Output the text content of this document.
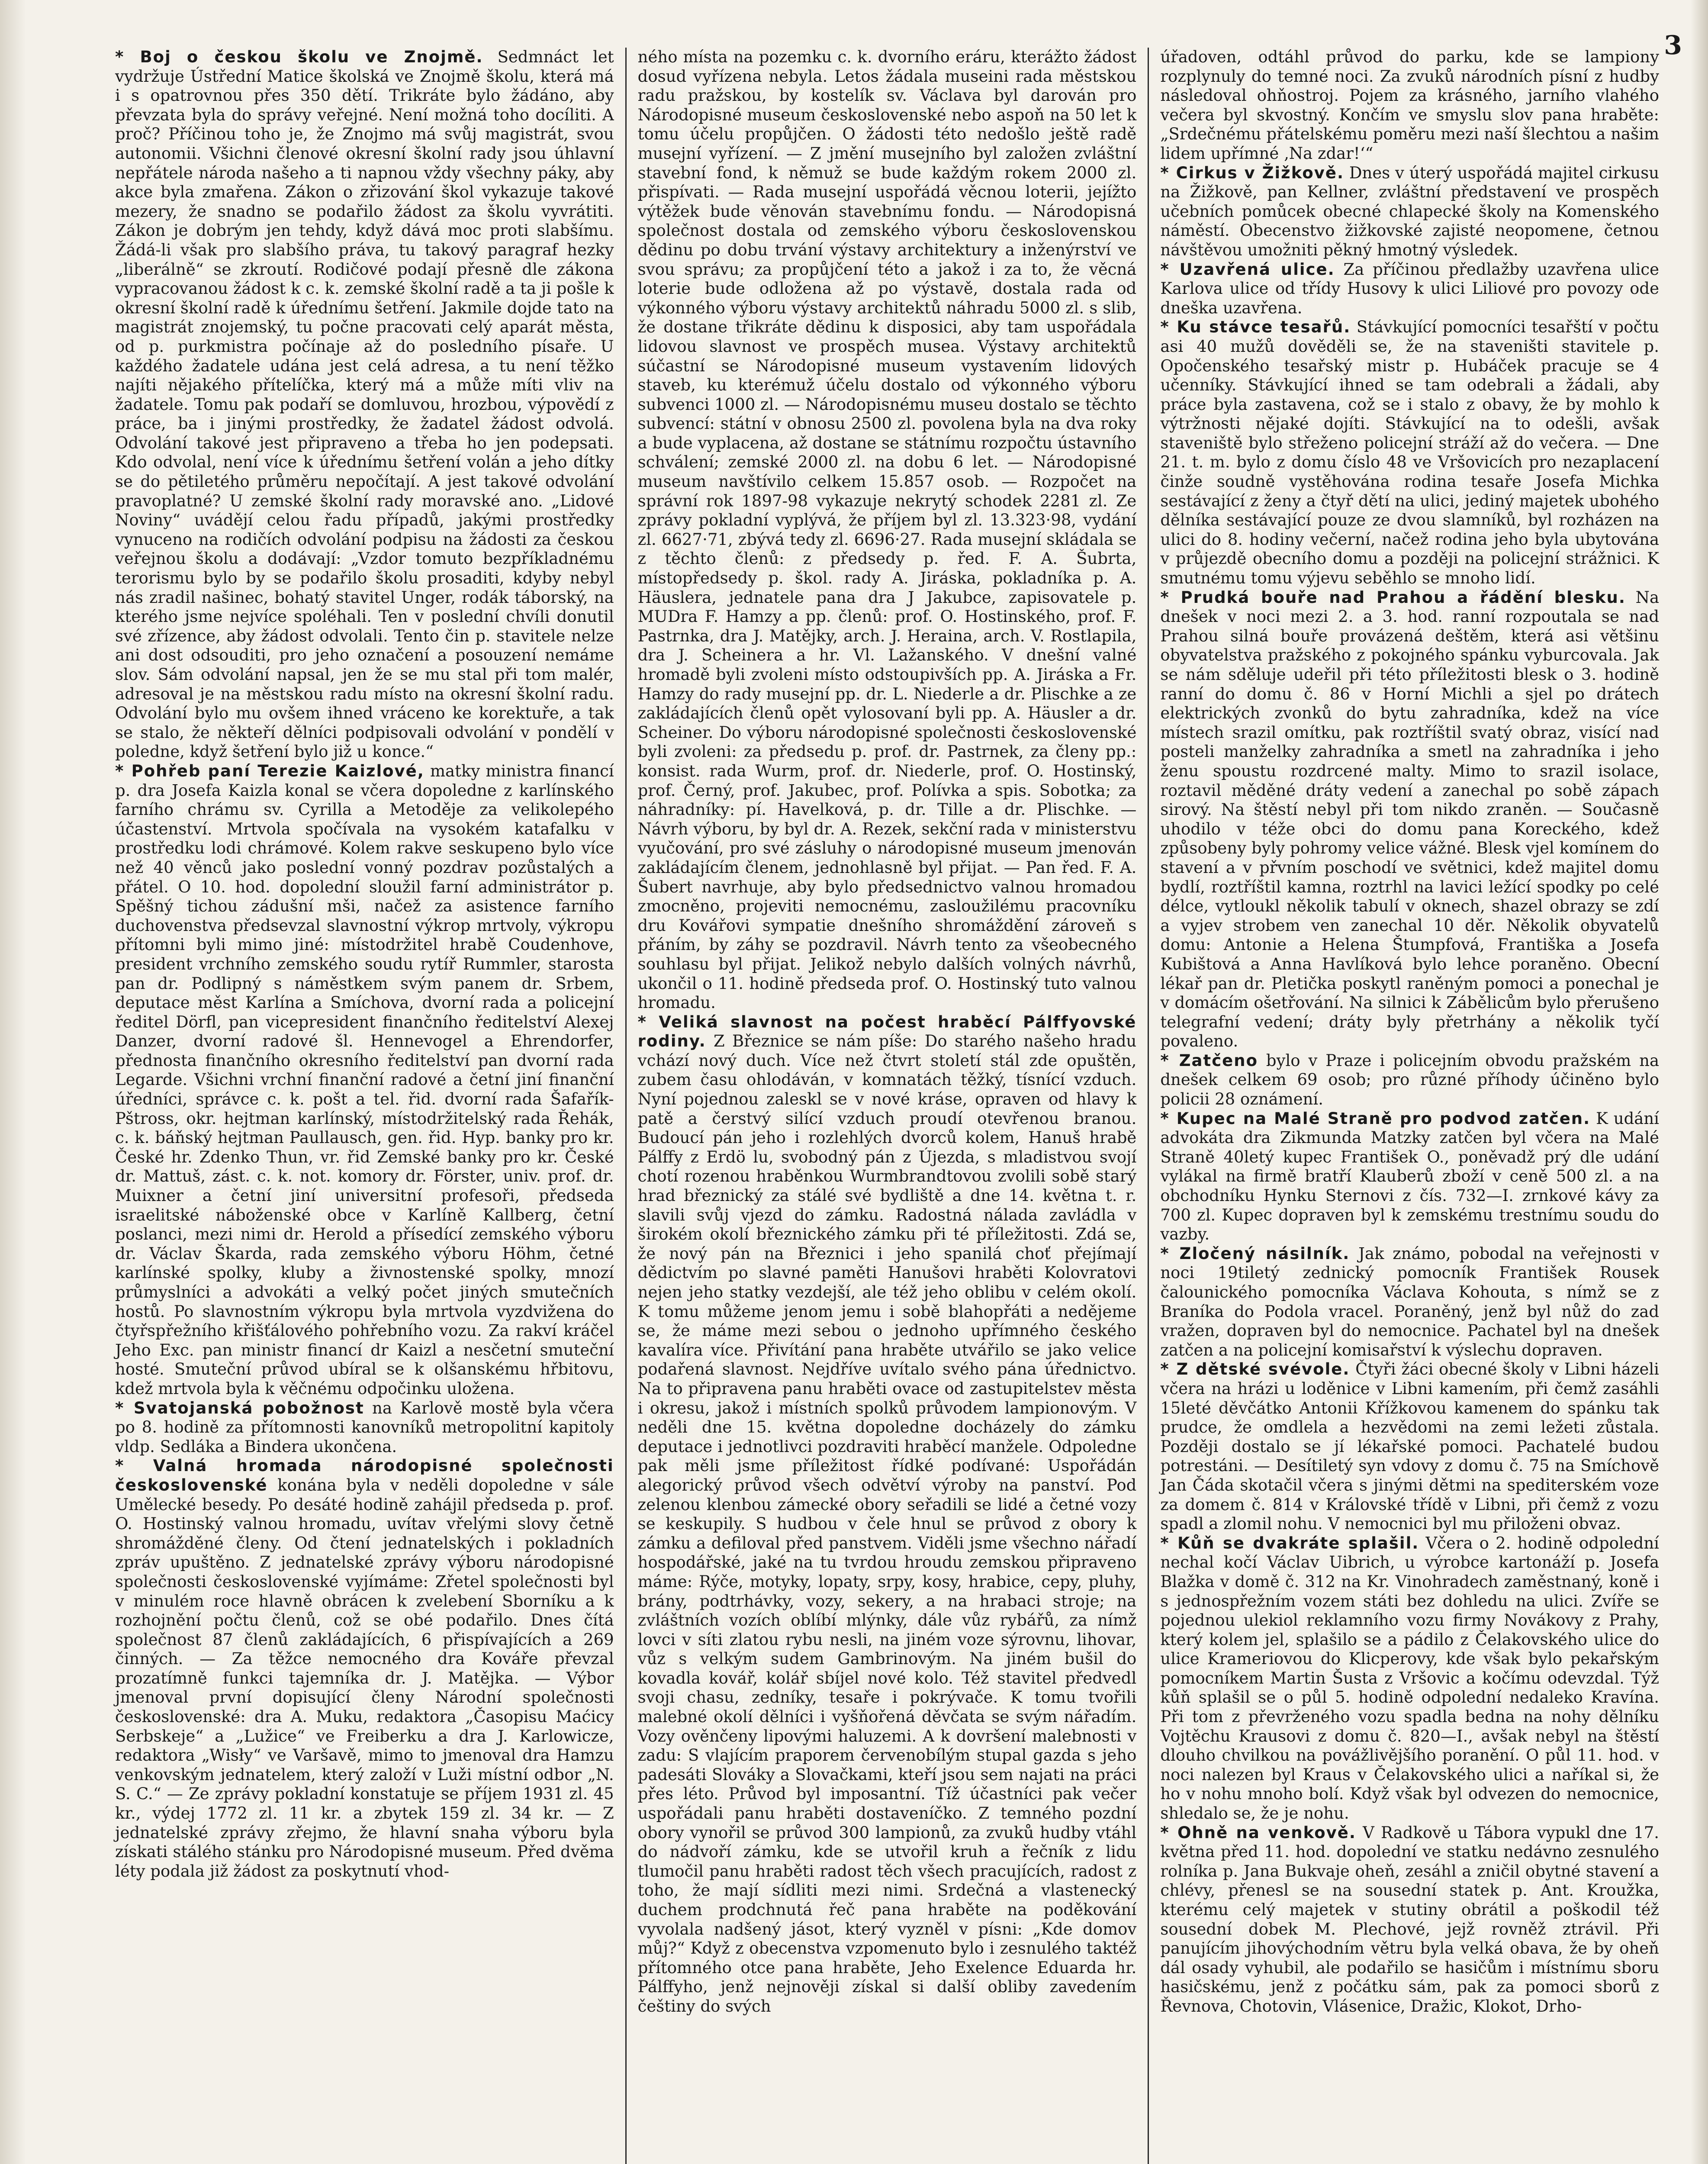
3

* Boj o českou školu ve Znojmě. Sedmnáct let vydržuje Ústřední Matice školská ve Znojmě školu, která má i s opatrovnou přes 350 dětí. Trikráte bylo žádáno, aby převzata byla do správy veřejné. Není možná toho docíliti. A proč? Příčinou toho je, že Znojmo má svůj magistrát, svou autonomii. Všichni členové okresní školní rady jsou úhlavní nepřátele národa našeho a ti napnou vždy všechny páky, aby akce byla zmařena. Zákon o zřizování škol vykazuje takové mezery, že snadno se podařilo žádost za školu vyvrátiti. Zákon je dobrým jen tehdy, když dává moc proti slabšímu. Žádá-li však pro slabšího práva, tu takový paragraf hezky „liberálně“ se zkroutí. Rodičové podají přesně dle zákona vypracovanou žádost k c. k. zemské školní radě a ta ji pošle k okresní školní radě k úřednímu šetření. Jakmile dojde tato na magistrát znojemský, tu počne pracovati celý aparát města, od p. purkmistra počínaje až do posledního písaře. U každého žadatele udána jest celá adresa, a tu není těžko najíti nějakého přítelíčka, který má a může míti vliv na žadatele. Tomu pak podaří se domluvou, hrozbou, výpovědí z práce, ba i jinými prostředky, že žadatel žádost odvolá. Odvolání takové jest připraveno a třeba ho jen podepsati. Kdo odvolal, není více k úřednímu šetření volán a jeho dítky se do pětiletého průměru nepočítají. A jest takové odvolání pravoplatné? U zemské školní rady moravské ano. „Lidové Noviny“ uvádějí celou řadu případů, jakými prostředky vynuceno na rodičích odvolání podpisu na žádosti za českou veřejnou školu a dodávají: „Vzdor tomuto bezpříkladnému terorismu bylo by se podařilo školu prosaditi, kdyby nebyl nás zradil našinec, bohatý stavitel Unger, rodák táborský, na kterého jsme nejvíce spoléhali. Ten v poslední chvíli donutil své zřízence, aby žádost odvolali. Tento čin p. stavitele nelze ani dost odsouditi, pro jeho označení a posouzení nemáme slov. Sám odvolání napsal, jen že se mu stal při tom malér, adresoval je na městskou radu místo na okresní školní radu. Odvolání bylo mu ovšem ihned vráceno ke korektuře, a tak se stalo, že někteří dělníci podpisovali odvolání v pondělí v poledne, když šetření bylo již u konce.“

* Pohřeb paní Terezie Kaizlové, matky ministra financí p. dra Josefa Kaizla konal se včera dopoledne z karlínského farního chrámu sv. Cyrilla a Metoděje za velikolepého účastenství. Mrtvola spočívala na vysokém katafalku v prostředku lodi chrámové. Kolem rakve seskupeno bylo více než 40 věnců jako poslední vonný pozdrav pozůstalých a přátel. O 10. hod. dopolední sloužil farní administrátor p. Spěšný tichou zádušní mši, načež za asistence farního duchovenstva předsevzal slavnostní výkrop mrtvoly, výkropu přítomni byli mimo jiné: místodržitel hrabě Coudenhove, president vrchního zemského soudu rytíř Rummler, starosta pan dr. Podlipný s náměstkem svým panem dr. Srbem, deputace měst Karlína a Smíchova, dvorní rada a policejní ředitel Dörfl, pan vicepresident finančního ředitelství Alexej Danzer, dvorní radové šl. Hennevogel a Ehrendorfer, přednosta finančního okresního ředitelství pan dvorní rada Legarde. Všichni vrchní finanční radové a četní jiní finanční úředníci, správce c. k. pošt a tel. řid. dvorní rada Šafařík-Pštross, okr. hejtman karlínský, místodržitelský rada Řehák, c. k. báňský hejtman Paullausch, gen. řid. Hyp. banky pro kr. České hr. Zdenko Thun, vr. řid Zemské banky pro kr. České dr. Mattuš, zást. c. k. not. komory dr. Förster, univ. prof. dr. Muixner a četní jiní universitní profesoři, předseda israelitské náboženské obce v Karlíně Kallberg, četní poslanci, mezi nimi dr. Herold a přísedící zemského výboru dr. Václav Škarda, rada zemského výboru Höhm, četné karlínské spolky, kluby a živnostenské spolky, mnozí průmyslníci a advokáti a velký počet jiných smutečních hostů. Po slavnostním výkropu byla mrtvola vyzdvižena do čtyřspřežního křišťálového pohřebního vozu. Za rakví kráčel Jeho Exc. pan ministr financí dr Kaizl a nesčetní smuteční hosté. Smuteční průvod ubíral se k olšanskému hřbitovu, kdež mrtvola byla k věčnému odpočinku uložena.

* Svatojanská pobožnost na Karlově mostě byla včera po 8. hodině za přítomnosti kanovníků metropolitní kapitoly vldp. Sedláka a Bindera ukončena.

* Valná hromada národopisné společnosti československé konána byla v neděli dopoledne v sále Umělecké besedy. Po desáté hodině zahájil předseda p. prof. O. Hostinský valnou hromadu, uvítav vřelými slovy četně shromážděné členy. Od čtení jednatelských i pokladních zpráv upuštěno. Z jednatelské zprávy výboru národopisné společnosti československé vyjímáme: Zřetel společnosti byl v minulém roce hlavně obrácen k zvelebení Sborníku a k rozhojnění počtu členů, což se obé podařilo. Dnes čítá společnost 87 členů zakládajících, 6 přispívajících a 269 činných. — Za těžce nemocného dra Kováře převzal prozatímně funkci tajemníka dr. J. Matějka. — Výbor jmenoval první dopisující členy Národní společnosti československé: dra A. Muku, redaktora „Časopisu Maćicy Serbskeje“ a „Lužice“ ve Freiberku a dra J. Karlowicze, redaktora „Wisły“ ve Varšavě, mimo to jmenoval dra Hamzu venkovským jednatelem, který založí v Luži místní odbor „N. S. C.“ — Ze zprávy pokladní konstatuje se příjem 1931 zl. 45 kr., výdej 1772 zl. 11 kr. a zbytek 159 zl. 34 kr. — Z jednatelské zprávy zřejmo, že hlavní snaha výboru byla získati stálého stánku pro Národopisné museum. Před dvěma léty podala již žádost za poskytnutí vhod-

ného místa na pozemku c. k. dvorního eráru, kterážto žádost dosud vyřízena nebyla. Letos žádala museini rada městskou radu pražskou, by kostelík sv. Václava byl darován pro Národopisné museum československé nebo aspoň na 50 let k tomu účelu propůjčen. O žádosti této nedošlo ještě radě musejní vyřízení. — Z jmění musejního byl založen zvláštní stavební fond, k němuž se bude každým rokem 2000 zl. přispívati. — Rada musejní uspořádá věcnou loterii, jejížto výtěžek bude věnován stavebnímu fondu. — Národopisná společnost dostala od zemského výboru československou dědinu po dobu trvání výstavy architektury a inženýrství ve svou správu; za propůjčení této a jakož i za to, že věcná loterie bude odložena až po výstavě, dostala rada od výkonného výboru výstavy architektů náhradu 5000 zl. s slib, že dostane třikráte dědinu k disposici, aby tam uspořádala lidovou slavnost ve prospěch musea. Výstavy architektů súčastní se Národopisné museum vystavením lidových staveb, ku kterémuž účelu dostalo od výkonného výboru subvenci 1000 zl. — Národopisnému museu dostalo se těchto subvencí: státní v obnosu 2500 zl. povolena byla na dva roky a bude vyplacena, až dostane se státnímu rozpočtu ústavního schválení; zemské 2000 zl. na dobu 6 let. — Národopisné museum navštívilo celkem 15.857 osob. — Rozpočet na správní rok 1897-98 vykazuje nekrytý schodek 2281 zl. Ze zprávy pokladní vyplývá, že příjem byl zl. 13.323·98, vydání zl. 6627·71, zbývá tedy zl. 6696·27. Rada musejní skládala se z těchto členů: z předsedy p. řed. F. A. Šubrta, místopředsedy p. škol. rady A. Jiráska, pokladníka p. A. Häuslera, jednatele pana dra J Jakubce, zapisovatele p. MUDra F. Hamzy a pp. členů: prof. O. Hostinského, prof. F. Pastrnka, dra J. Matějky, arch. J. Heraina, arch. V. Rostlapila, dra J. Scheinera a hr. Vl. Lažanského. V dnešní valné hromadě byli zvoleni místo odstoupivších pp. A. Jiráska a Fr. Hamzy do rady musejní pp. dr. L. Niederle a dr. Plischke a ze zakládajících členů opět vylosovaní byli pp. A. Häusler a dr. Scheiner. Do výboru národopisné společnosti československé byli zvoleni: za předsedu p. prof. dr. Pastrnek, za členy pp.: konsist. rada Wurm, prof. dr. Niederle, prof. O. Hostinský, prof. Černý, prof. Jakubec, prof. Polívka a spis. Sobotka; za náhradníky: pí. Havelková, p. dr. Tille a dr. Plischke. — Návrh výboru, by byl dr. A. Rezek, sekční rada v ministerstvu vyučování, pro své zásluhy o národopisné museum jmenován zakládajícím členem, jednohlasně byl přijat. — Pan řed. F. A. Šubert navrhuje, aby bylo předsednictvo valnou hromadou zmocněno, projeviti nemocnému, zasloužilému pracovníku dru Kovářovi sympatie dnešního shromáždění zároveň s přáním, by záhy se pozdravil. Návrh tento za všeobecného souhlasu byl přijat. Jelikož nebylo dalších volných návrhů, ukončil o 11. hodině předseda prof. O. Hostinský tuto valnou hromadu.

* Veliká slavnost na počest hraběcí Pálffyovské rodiny. Z Březnice se nám píše: Do starého našeho hradu vchází nový duch. Více než čtvrt století stál zde opuštěn, zubem času ohlodáván, v komnatách těžký, tísnící vzduch. Nyní pojednou zaleskl se v nové kráse, opraven od hlavy k patě a čerstvý silící vzduch proudí otevřenou branou. Budoucí pán jeho i rozlehlých dvorců kolem, Hanuš hrabě Pálffy z Erdö lu, svobodný pán z Újezda, s mladistvou svojí chotí rozenou hraběnkou Wurmbrandtovou zvolili sobě starý hrad březnický za stálé své bydliště a dne 14. května t. r. slavili svůj vjezd do zámku. Radostná nálada zavládla v širokém okolí březnického zámku při té příležitosti. Zdá se, že nový pán na Březnici i jeho spanilá choť přejímají dědictvím po slavné paměti Hanušovi hraběti Kolovratovi nejen jeho statky vezdejší, ale též jeho oblibu v celém okolí. K tomu můžeme jenom jemu i sobě blahopřáti a nedějeme se, že máme mezi sebou o jednoho upřímného českého kavalíra více. Přivítání pana hraběte utvářilo se jako velice podařená slavnost. Nejdříve uvítalo svého pána úřednictvo. Na to připravena panu hraběti ovace od zastupitelstev města i okresu, jakož i místních spolků průvodem lampionovým. V neděli dne 15. května dopoledne docházely do zámku deputace i jednotlivci pozdraviti hraběcí manžele. Odpoledne pak měli jsme příležitost řídké podívané: Uspořádán alegorický průvod všech odvětví výroby na panství. Pod zelenou klenbou zámecké obory seřadili se lidé a četné vozy se keskupily. S hudbou v čele hnul se průvod z obory k zámku a defiloval před panstvem. Viděli jsme všechno nářadí hospodářské, jaké na tu tvrdou hroudu zemskou připraveno máme: Rýče, motyky, lopaty, srpy, kosy, hrabice, cepy, pluhy, brány, podtrhávky, vozy, sekery, a na hrabaci stroje; na zvláštních vozích oblíbí mlýnky, dále vůz rybářů, za nímž lovci v síti zlatou rybu nesli, na jiném voze sýrovnu, lihovar, vůz s velkým sudem Gambrinovým. Na jiném bušil do kovadla kovář, kolář sbíjel nové kolo. Též stavitel předvedl svoji chasu, zedníky, tesaře i pokrývače. K tomu tvořili malebné okolí dělníci i vyšňořená děvčata se svým nářadím. Vozy ověnčeny lipovými haluzemi. A k dovršení malebnosti v zadu: S vlajícím praporem červenobílým stupal gazda s jeho padesáti Slováky a Slovačkami, kteří jsou sem najati na práci přes léto. Průvod byl imposantní. Tíž účastníci pak večer uspořádali panu hraběti dostaveníčko. Z temného pozdní obory vynořil se průvod 300 lampionů, za zvuků hudby vtáhl do nádvoří zámku, kde se utvořil kruh a řečník z lidu tlumočil panu hraběti radost těch všech pracujících, radost z toho, že mají sídliti mezi nimi. Srdečná a vlastenecký duchem prodchnutá řeč pana hraběte na poděkování vyvolala nadšený jásot, který vyzněl v písni: „Kde domov můj?“ Když z obecenstva vzpomenuto bylo i zesnulého taktéž přítomného otce pana hraběte, Jeho Exelence Eduarda hr. Pálffyho, jenž nejnověji získal si další obliby zavedením češtiny do svých

úřadoven, odtáhl průvod do parku, kde se lampiony rozplynuly do temné noci. Za zvuků národních písní z hudby následoval ohňostroj. Pojem za krásného, jarního vlahého večera byl skvostný. Končím ve smyslu slov pana hraběte: „Srdečnému přátelskému poměru mezi naší šlechtou a našim lidem upřímné ‚Na zdar!‘“

* Cirkus v Žižkově. Dnes v úterý uspořádá majitel cirkusu na Žižkově, pan Kellner, zvláštní představení ve prospěch učebních pomůcek obecné chlapecké školy na Komenského náměstí. Obecenstvo žižkovské zajisté neopomene, četnou návštěvou umožniti pěkný hmotný výsledek.

* Uzavřená ulice. Za příčinou předlažby uzavřena ulice Karlova ulice od třídy Husovy k ulici Liliové pro povozy ode dneška uzavřena.

* Ku stávce tesařů. Stávkující pomocníci tesařští v počtu asi 40 mužů dověděli se, že na staveništi stavitele p. Opočenského tesařský mistr p. Hubáček pracuje se 4 učenníky. Stávkující ihned se tam odebrali a žádali, aby práce byla zastavena, což se i stalo z obavy, že by mohlo k výtržnosti nějaké dojíti. Stávkující na to odešli, avšak staveniště bylo střeženo policejní stráží až do večera. — Dne 21. t. m. bylo z domu číslo 48 ve Vršovicích pro nezaplacení činže soudně vystěhována rodina tesaře Josefa Michka sestávající z ženy a čtyř dětí na ulici, jediný majetek ubohého dělníka sestávající pouze ze dvou slamníků, byl rozházen na ulici do 8. hodiny večerní, načež rodina jeho byla ubytována v průjezdě obecního domu a později na policejní strážnici. K smutnému tomu výjevu seběhlo se mnoho lidí.

* Prudká bouře nad Prahou a řádění blesku. Na dnešek v noci mezi 2. a 3. hod. ranní rozpoutala se nad Prahou silná bouře provázená deštěm, která asi většinu obyvatelstva pražského z pokojného spánku vyburcovala. Jak se nám sděluje udeřil při této příležitosti blesk o 3. hodině ranní do domu č. 86 v Horní Michli a sjel po drátech elektrických zvonků do bytu zahradníka, kdež na více místech srazil omítku, pak roztříštil svatý obraz, visící nad posteli manželky zahradníka a smetl na zahradníka i jeho ženu spoustu rozdrcené malty. Mimo to srazil isolace, roztavil měděné dráty vedení a zanechal po sobě zápach sirový. Na štěstí nebyl při tom nikdo zraněn. — Současně uhodilo v téže obci do domu pana Koreckého, kdež způsobeny byly pohromy velice vážné. Blesk vjel komínem do stavení a v přvním poschodí ve světnici, kdež majitel domu bydlí, roztříštil kamna, roztrhl na lavici ležící spodky po celé délce, vytloukl několik tabulí v oknech, shazel obrazy se zdí a vyjev strobem ven zanechal 10 děr. Několik obyvatelů domu: Antonie a Helena Štumpfová, Františka a Josefa Kubištová a Anna Havlíková bylo lehce poraněno. Obecní lékař pan dr. Pletička poskytl raněným pomoci a ponechal je v domácím ošetřování. Na silnici k Zábělicům bylo přerušeno telegrafní vedení; dráty byly přetrhány a několik tyčí povaleno.

* Zatčeno bylo v Praze i policejním obvodu pražském na dnešek celkem 69 osob; pro různé příhody účiněno bylo policii 28 oznámení.

* Kupec na Malé Straně pro podvod zatčen. K udání advokáta dra Zikmunda Matzky zatčen byl včera na Malé Straně 40letý kupec František O., poněvadž prý dle udání vylákal na firmě bratří Klauberů zboží v ceně 500 zl. a na obchodníku Hynku Sternovi z čís. 732—I. zrnkové kávy za 700 zl. Kupec dopraven byl k zemskému trestnímu soudu do vazby.

* Zločený násilník. Jak známo, pobodal na veřejnosti v noci 19tiletý zednický pomocník František Rousek čalounického pomocníka Václava Kohouta, s nímž se z Braníka do Podola vracel. Poraněný, jenž byl nůž do zad vražen, dopraven byl do nemocnice. Pachatel byl na dnešek zatčen a na policejní komisařství k výslechu dopraven.

* Z dětské svévole. Čtyři žáci obecné školy v Libni házeli včera na hrázi u loděnice v Libni kamením, při čemž zasáhli 15leté děvčátko Antonii Křížkovou kamenem do spánku tak prudce, že omdlela a hezvědomi na zemi ležeti zůstala. Později dostalo se jí lékařské pomoci. Pachatelé budou potrestáni. — Desítiletý syn vdovy z domu č. 75 na Smíchově Jan Čáda skotačil včera s jinými dětmi na spediterském voze za domem č. 814 v Královské třídě v Libni, při čemž z vozu spadl a zlomil nohu. V nemocnici byl mu přiloženi obvaz.

* Kůň se dvakráte splašil. Včera o 2. hodině odpolední nechal kočí Václav Uibrich, u výrobce kartonáží p. Josefa Blažka v domě č. 312 na Kr. Vinohradech zaměstnaný, koně i s jednospřežním vozem státi bez dohledu na ulici. Zvíře se pojednou ulekiol reklamního vozu firmy Novákovy z Prahy, který kolem jel, splašilo se a pádilo z Čelakovského ulice do ulice Krameriovou do Klicperovy, kde však bylo pekařským pomocníkem Martin Šusta z Vršovic a kočímu odevzdal. Týž kůň splašil se o půl 5. hodině odpolední nedaleko Kravína. Při tom z převrženého vozu spadla bedna na nohy dělníku Vojtěchu Krausovi z domu č. 820—I., avšak nebyl na štěstí dlouho chvilkou na povážlivějšího poranění. O půl 11. hod. v noci nalezen byl Kraus v Čelakovského ulici a naříkal si, že ho v nohu mnoho bolí. Když však byl odvezen do nemocnice, shledalo se, že je nohu.

* Ohně na venkově. V Radkově u Tábora vypukl dne 17. května před 11. hod. dopolední ve statku nedávno zesnulého rolníka p. Jana Bukvaje oheň, zesáhl a zničil obytné stavení a chlévy, přenesl se na sousední statek p. Ant. Kroužka, kterému celý majetek v stutiny obrátil a poškodil též sousední dobek M. Plechové, jejž rovněž ztrávil. Při panujícím jihovýchodním větru byla velká obava, že by oheň dál osady vyhubil, ale podařilo se hasičům i místnímu sboru hasičskému, jenž z počátku sám, pak za pomoci sborů z Řevnova, Chotovin, Vlásenice, Dražic, Klokot, Drho-
